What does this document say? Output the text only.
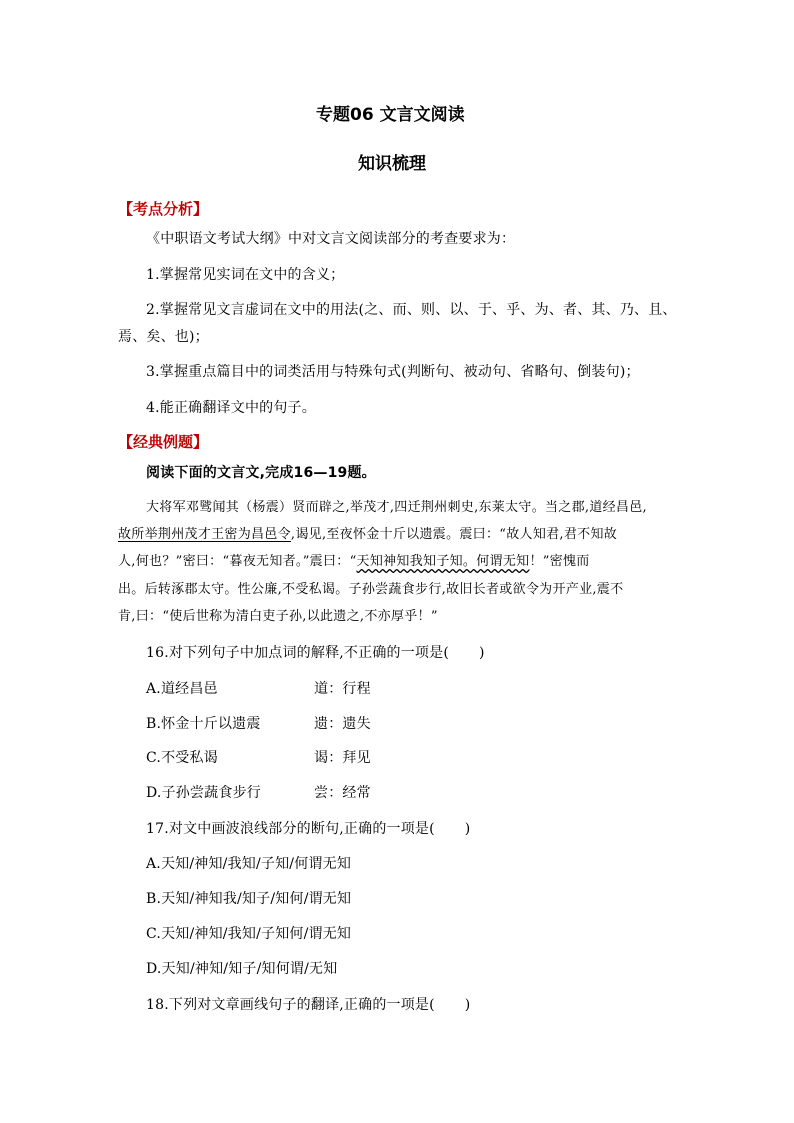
专题06 文言文阅读
知识梳理
【考点分析】
《中职语文考试大纲》中对文言文阅读部分的考查要求为：
1.掌握常见实词在文中的含义；
2.掌握常见文言虚词在文中的用法(之、而、则、以、于、乎、为、者、其、乃、且、
焉、矣、也)；
3.掌握重点篇目中的词类活用与特殊句式(判断句、被动句、省略句、倒装句)；
4.能正确翻译文中的句子。
【经典例题】
阅读下面的文言文,完成16—19题。
大将军邓骘闻其（杨震）贤而辟之,举茂才,四迁荆州刺史,东莱太守。当之郡,道经昌邑,
故所举荆州茂才王密为昌邑令,谒见,至夜怀金十斤以遗震。震曰：“故人知君,君不知故
人,何也？”密曰：“暮夜无知者。”震曰：“天知神知我知子知。何谓无知！”密愧而
出。后转涿郡太守。性公廉,不受私谒。子孙尝蔬食步行,故旧长者或欲令为开产业,震不
肯,曰：“使后世称为清白吏子孙,以此遗之,不亦厚乎！”
16.对下列句子中加点词的解释,不正确的一项是( )
A.道经昌邑	道：行程
B.怀金十斤以遗震	遗：遗失
C.不受私谒	谒：拜见
D.子孙尝蔬食步行	尝：经常
17.对文中画波浪线部分的断句,正确的一项是( )
A.天知/神知/我知/子知/何谓无知
B.天知/神知我/知子/知何/谓无知
C.天知/神知/我知/子知何/谓无知
D.天知/神知/知子/知何谓/无知
18.下列对文章画线句子的翻译,正确的一项是( )
